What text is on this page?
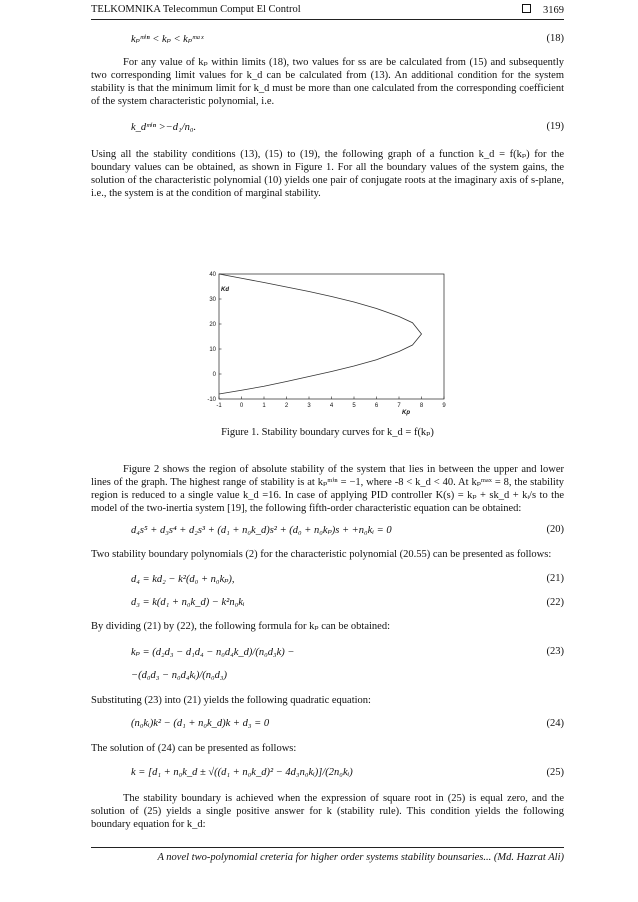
TELKOMNIKA Telecommun Comput El Control	3169
kₚᵐⁱⁿ < kₚ < kₚᵐᵃˣ	(18)
For any value of kₚ within limits (18), two values for ss are be calculated from (15) and subsequently two corresponding limit values for k_d can be calculated from (13). An additional condition for the system stability is that the minimum limit for k_d must be more than one calculated from the corresponding coefficient of the system characteristic polynomial, i.e.
k_dᵐⁱⁿ >−d₁/n₀.	(19)
Using all the stability conditions (13), (15) to (19), the following graph of a function k_d = f(kₚ) for the boundary values can be obtained, as shown in Figure 1. For all the boundary values of the system gains, the solution of the characteristic polynomial (10) yields one pair of conjugate roots at the imaginary axis of s-plane, i.e., the system is at the condition of marginal stability.
-1	0	1	2	3	4	5	6	7	8	9
-10
0
10
20
30
40
Kp
Kd
Figure 1. Stability boundary curves for k_d = f(kₚ)
Figure 2 shows the region of absolute stability of the system that lies in between the upper and lower lines of the graph. The highest range of stability is at kₚᵐⁱⁿ = −1, where -8 < k_d < 40. At kₚᵐᵃˣ = 8, the stability region is reduced to a single value k_d =16. In case of applying PID controller K(s) = kₚ + sk_d + kᵢ/s to the model of the two-inertia system [19], the following fifth-order characteristic equation can be obtained:
d₄s⁵ + d₃s⁴ + d₂s³ + (d₁ + n₀k_d)s² + (d₀ + n₀kₚ)s + +n₀kᵢ = 0	(20)
Two stability boundary polynomials (2) for the characteristic polynomial (20.55) can be presented as follows:
d₄ = kd₂ − k²(d₀ + n₀kₚ),	(21)
d₃ = k(d₁ + n₀k_d) − k²n₀kᵢ	(22)
By dividing (21) by (22), the following formula for kₚ can be obtained:
kₚ = (d₂d₃ − d₁d₄ − n₀d₄k_d)/(n₀d₃k) −	(23)
−(d₀d₃ − n₀d₄kᵢ)/(n₀d₃)
Substituting (23) into (21) yields the following quadratic equation:
(n₀kᵢ)k² − (d₁ + n₀k_d)k + d₃ = 0	(24)
The solution of (24) can be presented as follows:
k = [d₁ + n₀k_d ± √((d₁ + n₀k_d)² − 4d₃n₀kᵢ)]/(2n₀kᵢ)	(25)
The stability boundary is achieved when the expression of square root in (25) is equal zero, and the solution of (25) yields a single positive answer for k (stability rule). This condition yields the following boundary equation for k_d:
A novel two-polynomial creteria for higher order systems stability bounsaries... (Md. Hazrat Ali)
